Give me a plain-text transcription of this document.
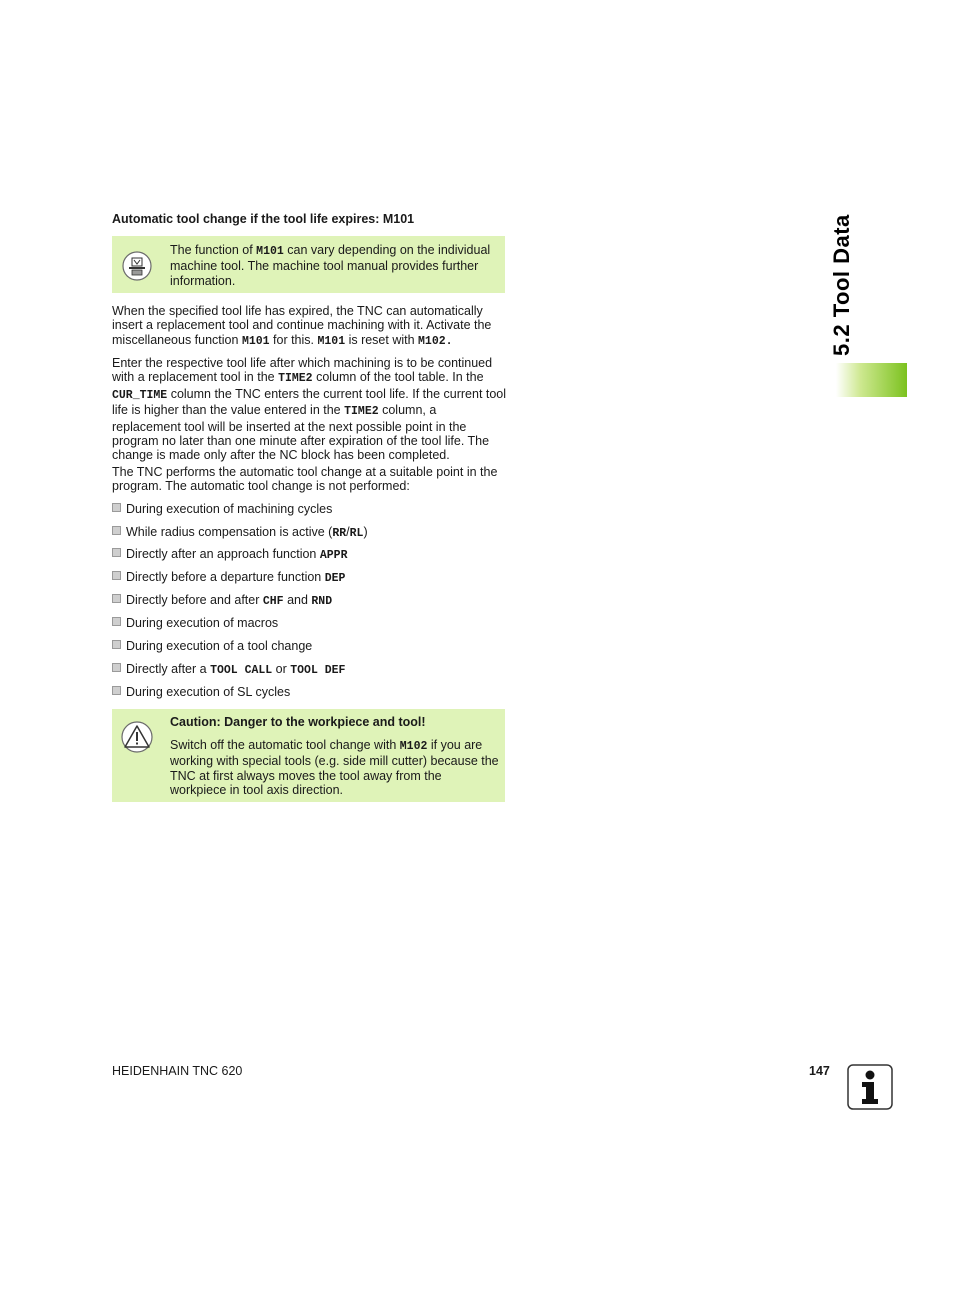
Automatic tool change if the tool life expires: M101
The function of M101 can vary depending on the individual machine tool. The machine tool manual provides further information.

When the specified tool life has expired, the TNC can automatically insert a replacement tool and continue machining with it. Activate the miscellaneous function M101 for this. M101 is reset with M102.

Enter the respective tool life after which machining is to be continued with a replacement tool in the TIME2 column of the tool table. In the CUR_TIME column the TNC enters the current tool life. If the current tool life is higher than the value entered in the TIME2 column, a replacement tool will be inserted at the next possible point in the program no later than one minute after expiration of the tool life. The change is made only after the NC block has been completed.

The TNC performs the automatic tool change at a suitable point in the program. The automatic tool change is not performed:

During execution of machining cycles
While radius compensation is active (RR/RL)
Directly after an approach function APPR
Directly before a departure function DEP
Directly before and after CHF and RND
During execution of macros
During execution of a tool change
Directly after a TOOL CALL or TOOL DEF
During execution of SL cycles
Caution: Danger to the workpiece and tool!
Switch off the automatic tool change with M102 if you are working with special tools (e.g. side mill cutter) because the TNC at first always moves the tool away from the workpiece in tool axis direction.
5.2 Tool Data
HEIDENHAIN TNC 620	147
